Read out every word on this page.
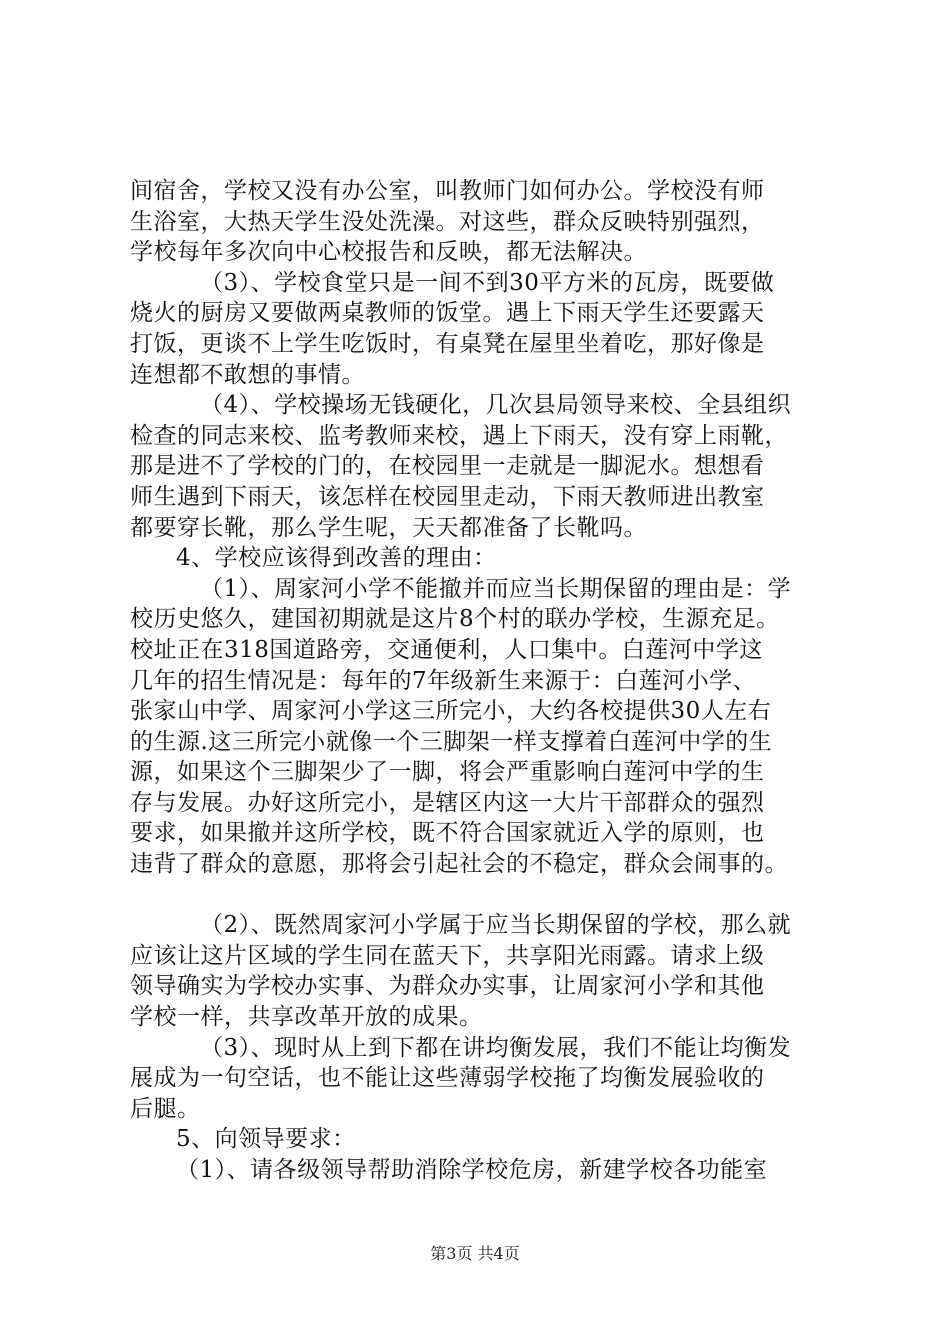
间宿舍，学校又没有办公室，叫教师门如何办公。学校没有师
生浴室，大热天学生没处洗澡。对这些，群众反映特别强烈，
学校每年多次向中心校报告和反映，都无法解决。
（3）、学校食堂只是一间不到30平方米的瓦房，既要做
烧火的厨房又要做两桌教师的饭堂。遇上下雨天学生还要露天
打饭，更谈不上学生吃饭时，有桌凳在屋里坐着吃，那好像是
连想都不敢想的事情。
（4）、学校操场无钱硬化，几次县局领导来校、全县组织
检查的同志来校、监考教师来校，遇上下雨天，没有穿上雨靴，
那是进不了学校的门的，在校园里一走就是一脚泥水。想想看
师生遇到下雨天，该怎样在校园里走动，下雨天教师进出教室
都要穿长靴，那么学生呢，天天都准备了长靴吗。
4、学校应该得到改善的理由：
（1）、周家河小学不能撤并而应当长期保留的理由是：学
校历史悠久，建国初期就是这片8个村的联办学校，生源充足。
校址正在318国道路旁，交通便利，人口集中。白莲河中学这
几年的招生情况是：每年的7年级新生来源于：白莲河小学、
张家山中学、周家河小学这三所完小，大约各校提供30人左右
的生源.这三所完小就像一个三脚架一样支撑着白莲河中学的生
源，如果这个三脚架少了一脚，将会严重影响白莲河中学的生
存与发展。办好这所完小，是辖区内这一大片干部群众的强烈
要求，如果撤并这所学校，既不符合国家就近入学的原则，也
违背了群众的意愿，那将会引起社会的不稳定，群众会闹事的。
（2）、既然周家河小学属于应当长期保留的学校，那么就
应该让这片区域的学生同在蓝天下，共享阳光雨露。请求上级
领导确实为学校办实事、为群众办实事，让周家河小学和其他
学校一样，共享改革开放的成果。
（3）、现时从上到下都在讲均衡发展，我们不能让均衡发
展成为一句空话，也不能让这些薄弱学校拖了均衡发展验收的
后腿。
5、向领导要求：
（1）、请各级领导帮助消除学校危房，新建学校各功能室
第3页 共4页
